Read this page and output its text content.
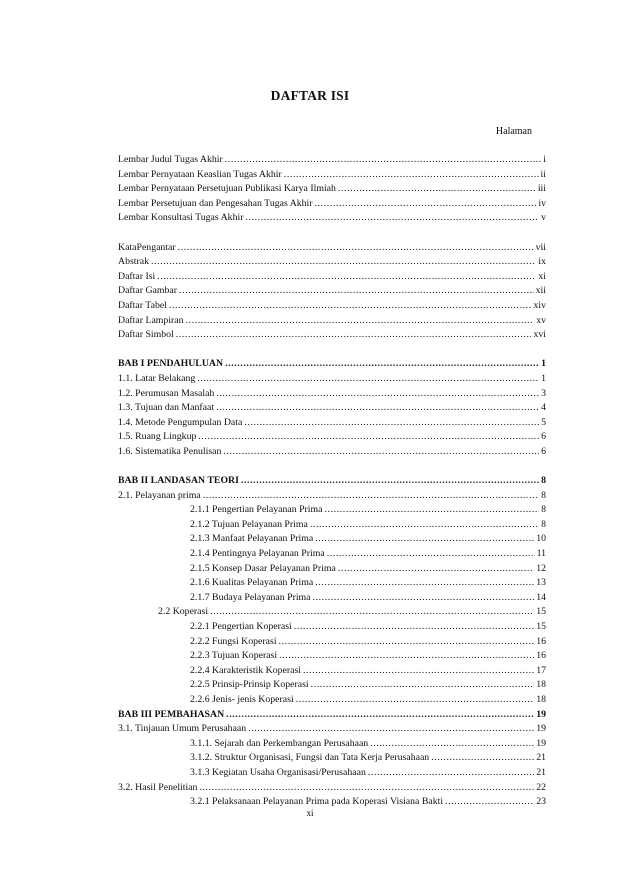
DAFTAR ISI
Halaman
Lembar Judul Tugas Akhir .....	i
Lembar Pernyataan Keaslian Tugas Akhir .....	ii
Lembar Pernyataan Persetujuan Publikasi Karya Ilmiah .....	iii
Lembar Persetujuan dan Pengesahan Tugas Akhir .....	iv
Lembar Konsultasi Tugas Akhir .....	v
KataPengantar .....	vii
Abstrak .....	ix
Daftar Isi .....	xi
Daftar Gambar .....	xii
Daftar Tabel .....	xiv
Daftar Lampiran .....	xv
Daftar Simbol .....	xvi
BAB I PENDAHULUAN .....	1
1.1. Latar Belakang .....	1
1.2. Perumusan Masalah .....	3
1.3. Tujuan dan Manfaat .....	4
1.4. Metode Pengumpulan Data .....	5
1.5. Ruang Lingkup .....	6
1.6. Sistematika Penulisan .....	6
BAB II LANDASAN TEORI .....	8
2.1. Pelayanan prima .....	8
2.1.1 Pengertian Pelayanan Prima .....	8
2.1.2 Tujuan Pelayanan Prima .....	8
2.1.3 Manfaat Pelayanan Prima .....	10
2.1.4 Pentingnya Pelayanan Prima .....	11
2.1.5 Konsep Dasar Pelayanan Prima .....	12
2.1.6 Kualitas Pelayanan Prima .....	13
2.1.7 Budaya Pelayanan Prima .....	14
2.2 Koperasi .....	15
2.2.1 Pengertian Koperasi .....	15
2.2.2 Fungsi Koperasi .....	16
2.2.3 Tujuan Koperasi .....	16
2.2.4 Karakteristik Koperasi .....	17
2.2.5 Prinsip-Prinsip Koperasi .....	18
2.2.6 Jenis- jenis Koperasi .....	18
BAB III PEMBAHASAN .....	19
3.1. Tinjauan Umum Perusahaan .....	19
3.1.1. Sejarah dan Perkembangan Perusahaan .....	19
3.1.2. Struktur Organisasi, Fungsi dan Tata Kerja Perusahaan .....	21
3.1.3 Kegiatan Usaha Organisasi/Perusahaan .....	21
3.2. Hasil Penelitian .....	22
3.2.1 Pelaksanaan Pelayanan Prima pada Koperasi Visiana Bakti .....	23
xi
